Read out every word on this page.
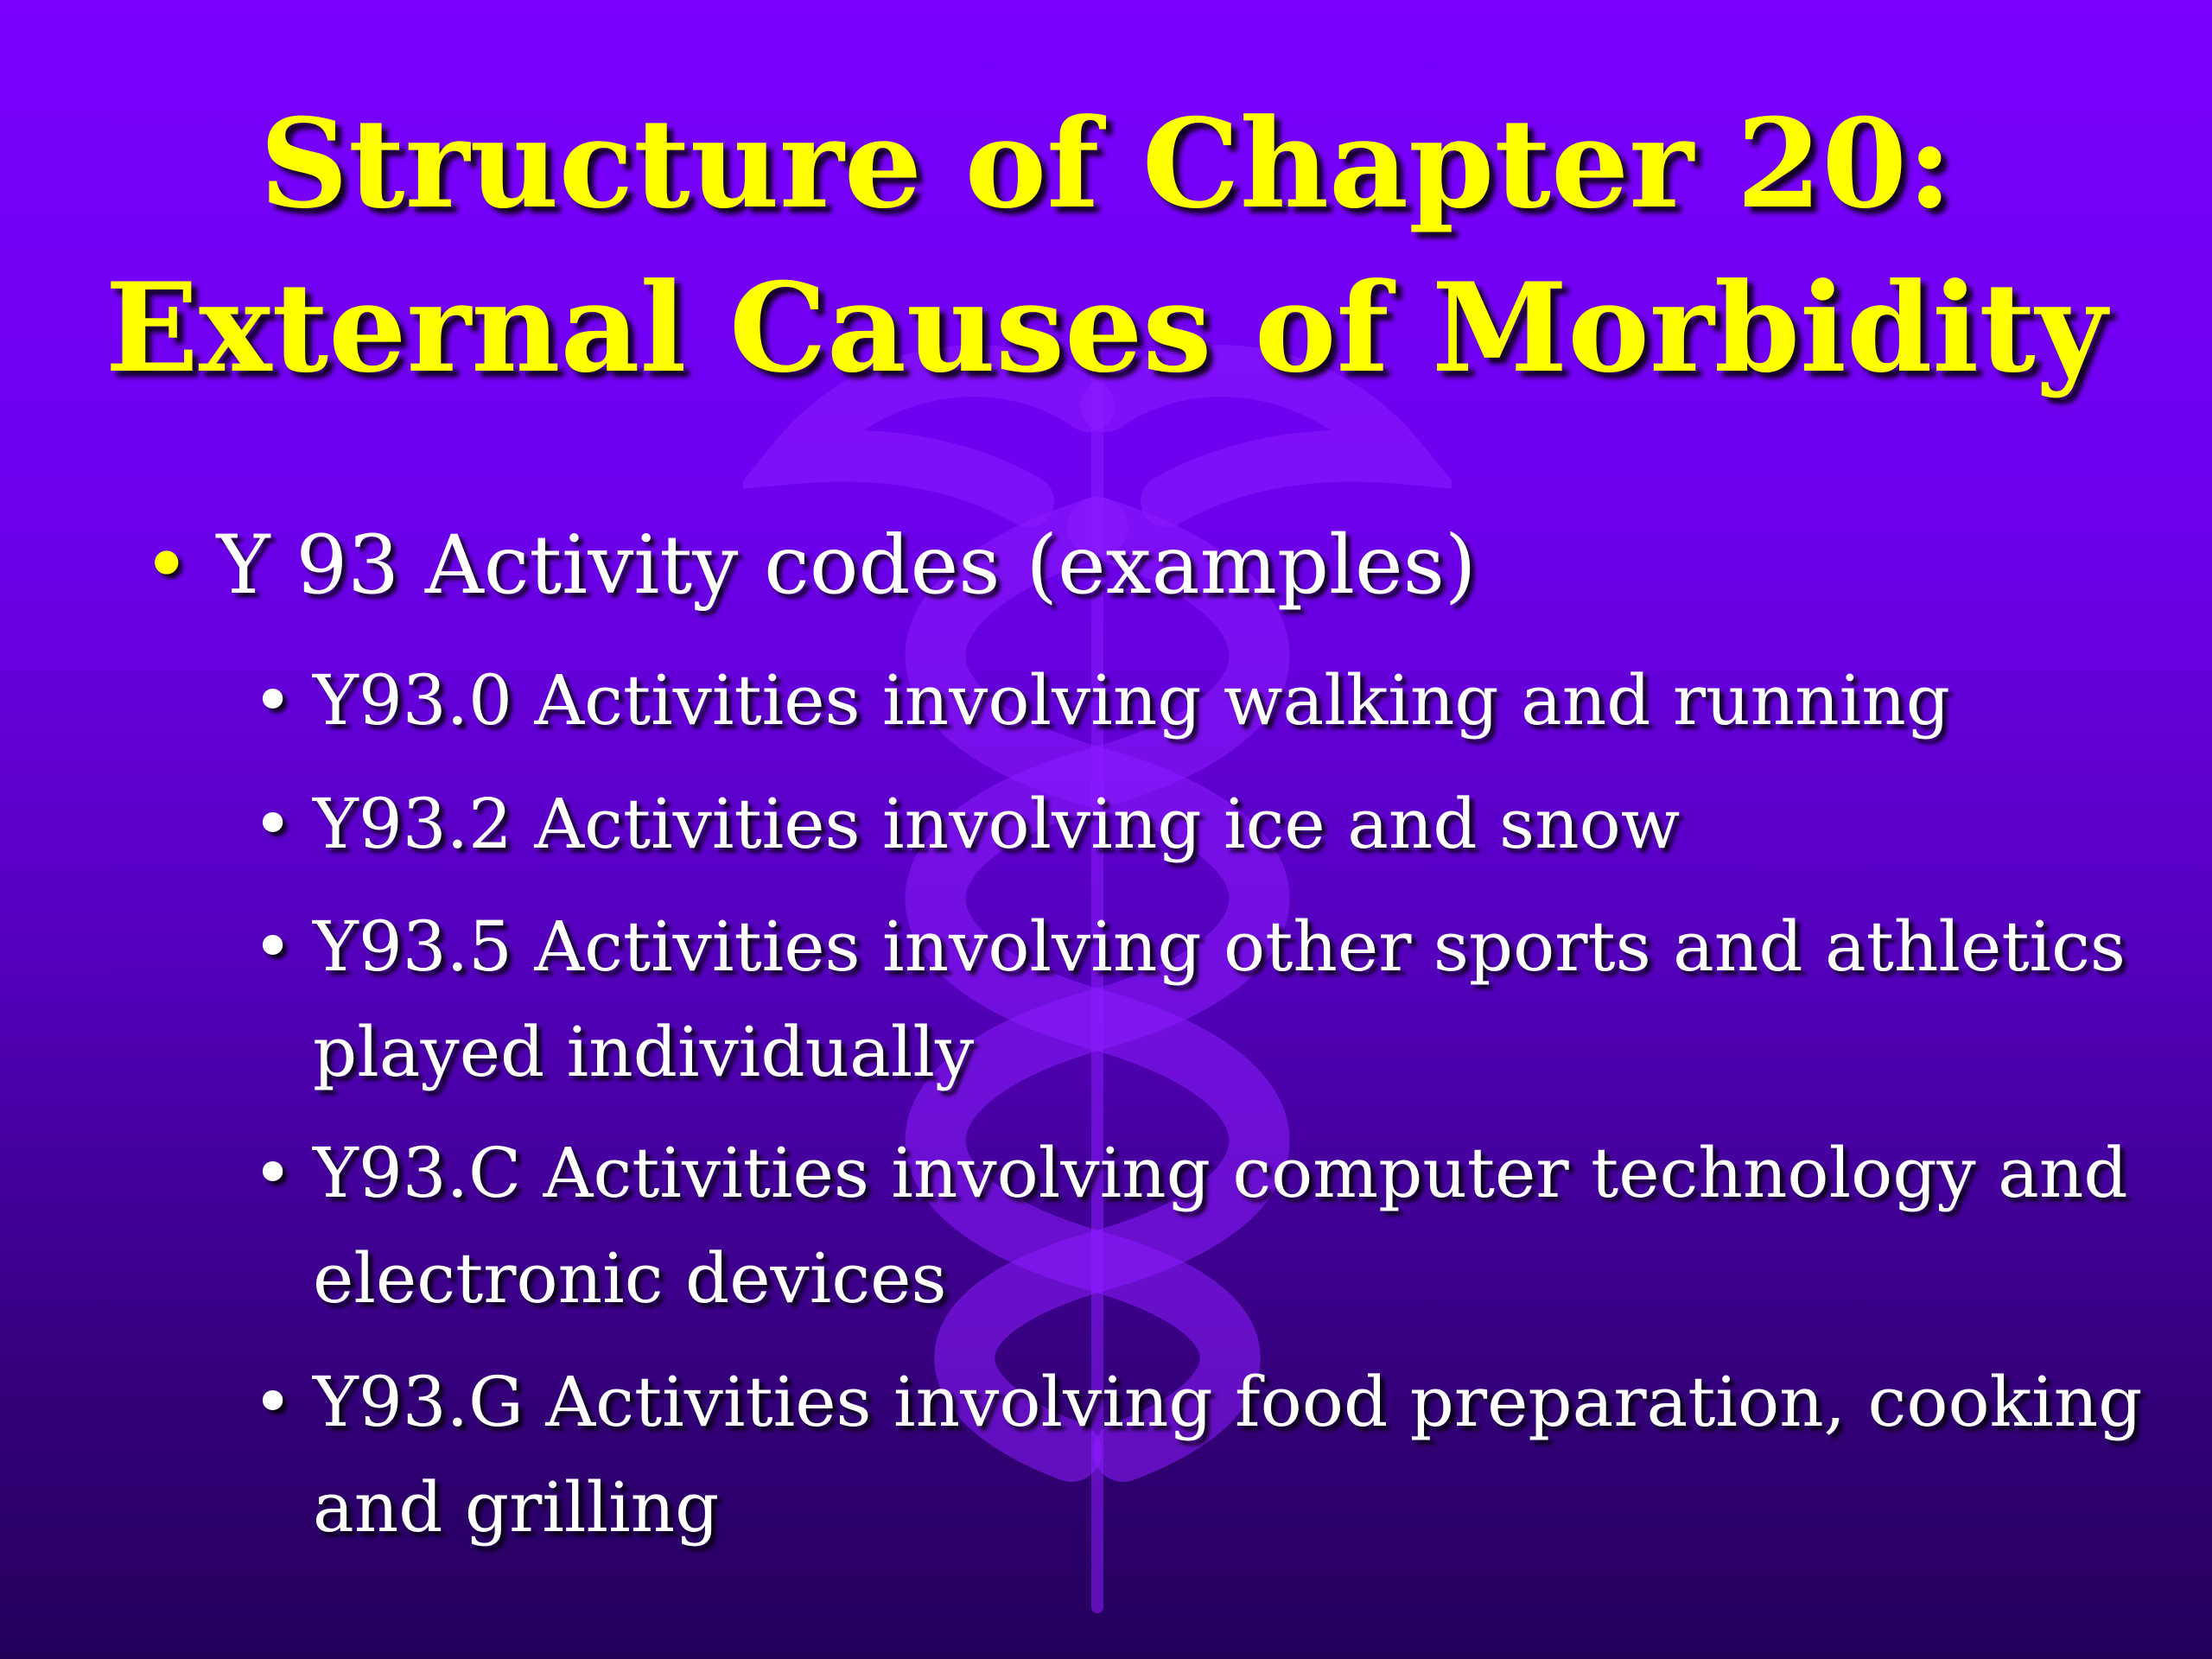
Structure of Chapter 20:
External Causes of Morbidity
• Y 93 Activity codes (examples)
• Y93.0 Activities involving walking and running
• Y93.2 Activities involving ice and snow
• Y93.5 Activities involving other sports and athletics played individually
• Y93.C Activities involving computer technology and electronic devices
• Y93.G Activities involving food preparation, cooking and grilling
